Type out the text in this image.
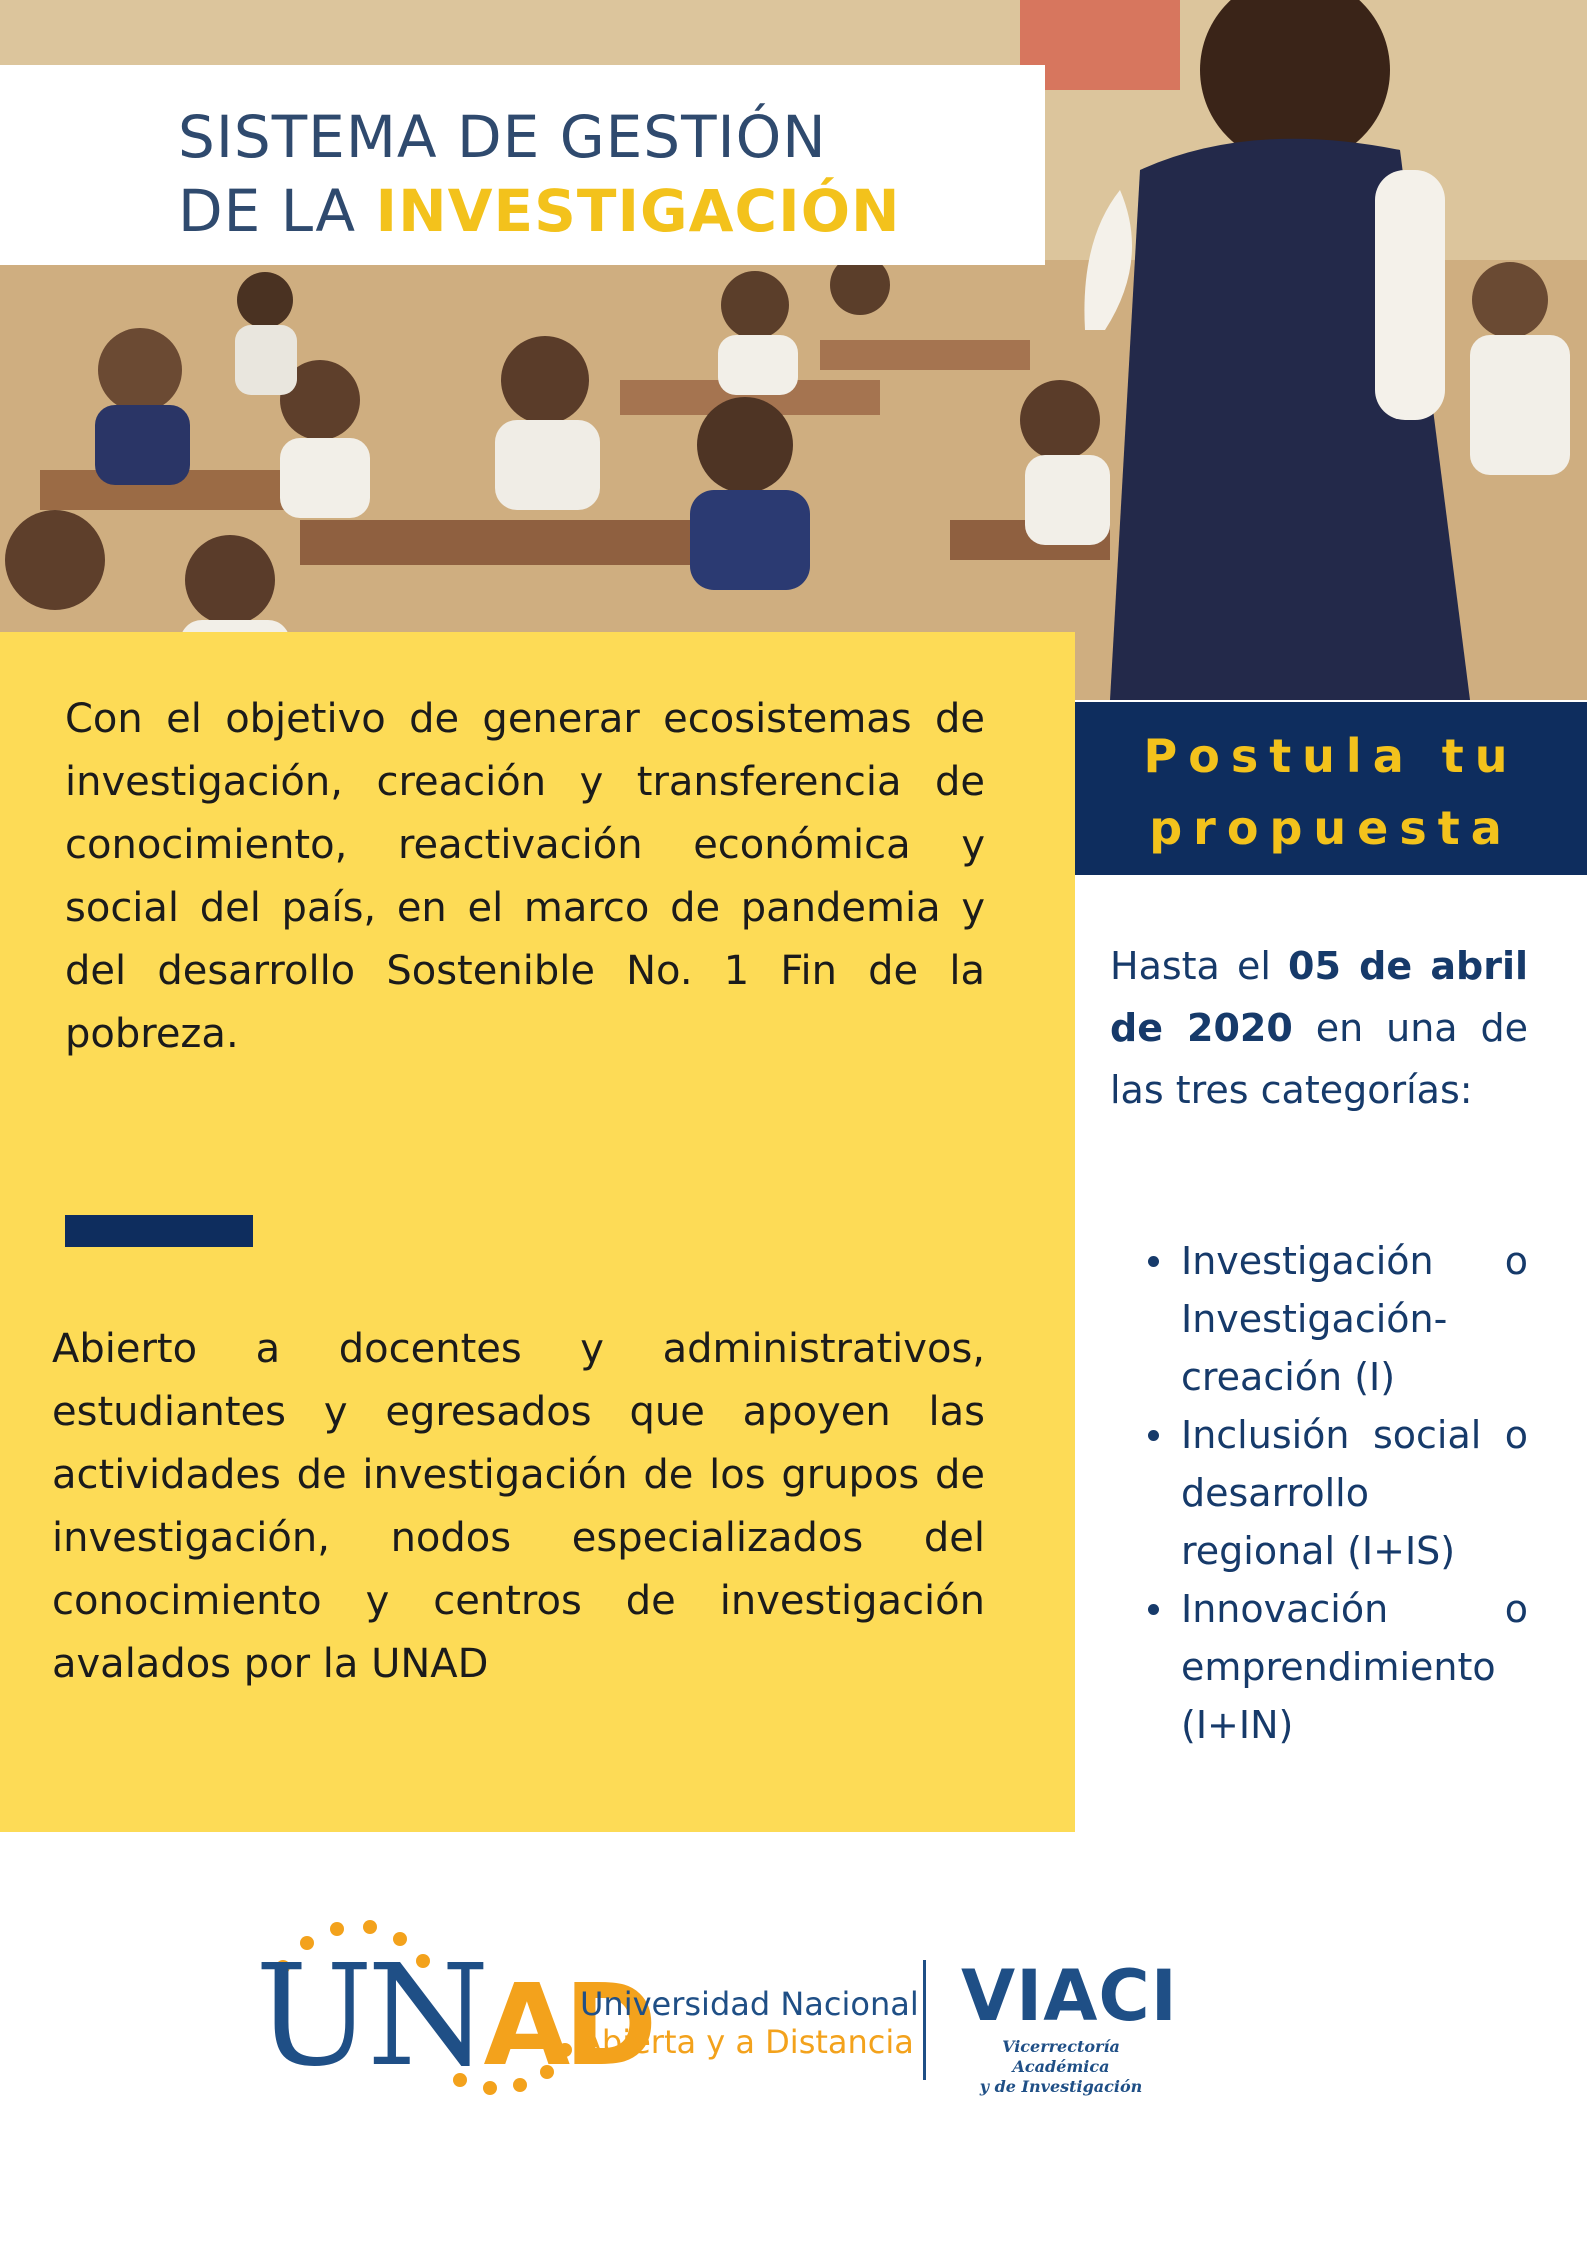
SISTEMA DE GESTIÓN
DE LA INVESTIGACIÓN
Con el objetivo de generar ecosistemas de investigación, creación y transferencia de conocimiento, reactivación económica y social del país, en el marco de pandemia y del desarrollo Sostenible No. 1 Fin de la pobreza.
Abierto a docentes y administrativos, estudiantes y egresados que apoyen las actividades de investigación de los grupos de investigación, nodos especializados del conocimiento y centros de investigación avalados por la UNAD
Postula tu
propuesta
Hasta el 05 de abril de 2020 en una de las tres categorías:
Investigación o Investigación-creación (I)
Inclusión social o desarrollo regional (I+IS)
Innovación o emprendimiento (I+IN)
UNAD
Universidad Nacional
Abierta y a Distancia
VIACI
Vicerrectoría Académica
y de Investigación
